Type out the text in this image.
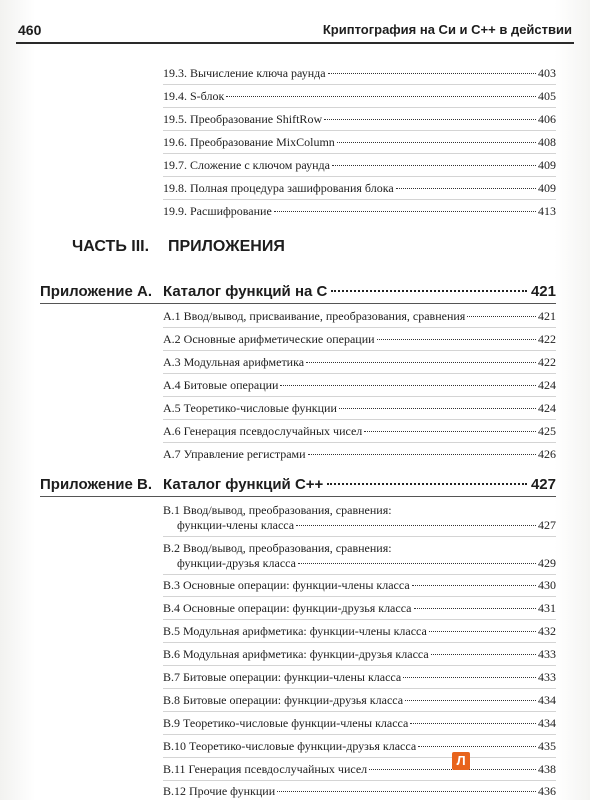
460	Криптография на Си и С++ в действии
19.3. Вычисление ключа раунда	403
19.4. S-блок	405
19.5. Преобразование ShiftRow	406
19.6. Преобразование MixColumn	408
19.7. Сложение с ключом раунда	409
19.8. Полная процедура зашифрования блока	409
19.9. Расшифрование	413
ЧАСТЬ III.	ПРИЛОЖЕНИЯ
Приложение А. Каталог функций на С	421
А.1 Ввод/вывод, присваивание, преобразования, сравнения	421
А.2 Основные арифметические операции	422
А.3 Модульная арифметика	422
А.4 Битовые операции	424
А.5 Теоретико-числовые функции	424
А.6 Генерация псевдослучайных чисел	425
А.7 Управление регистрами	426
Приложение В. Каталог функций С++	427
В.1 Ввод/вывод, преобразования, сравнения:
функции-члены класса	427
В.2 Ввод/вывод, преобразования, сравнения:
функции-друзья класса	429
В.3 Основные операции: функции-члены класса	430
В.4 Основные операции: функции-друзья класса	431
В.5 Модульная арифметика: функции-члены класса	432
В.6 Модульная арифметика: функции-друзья класса	433
В.7 Битовые операции: функции-члены класса	433
В.8 Битовые операции: функции-друзья класса	434
В.9 Теоретико-числовые функции-члены класса	434
В.10 Теоретико-числовые функции-друзья класса	435
В.11 Генерация псевдослучайных чисел	438
В.12 Прочие функции	436
Л
